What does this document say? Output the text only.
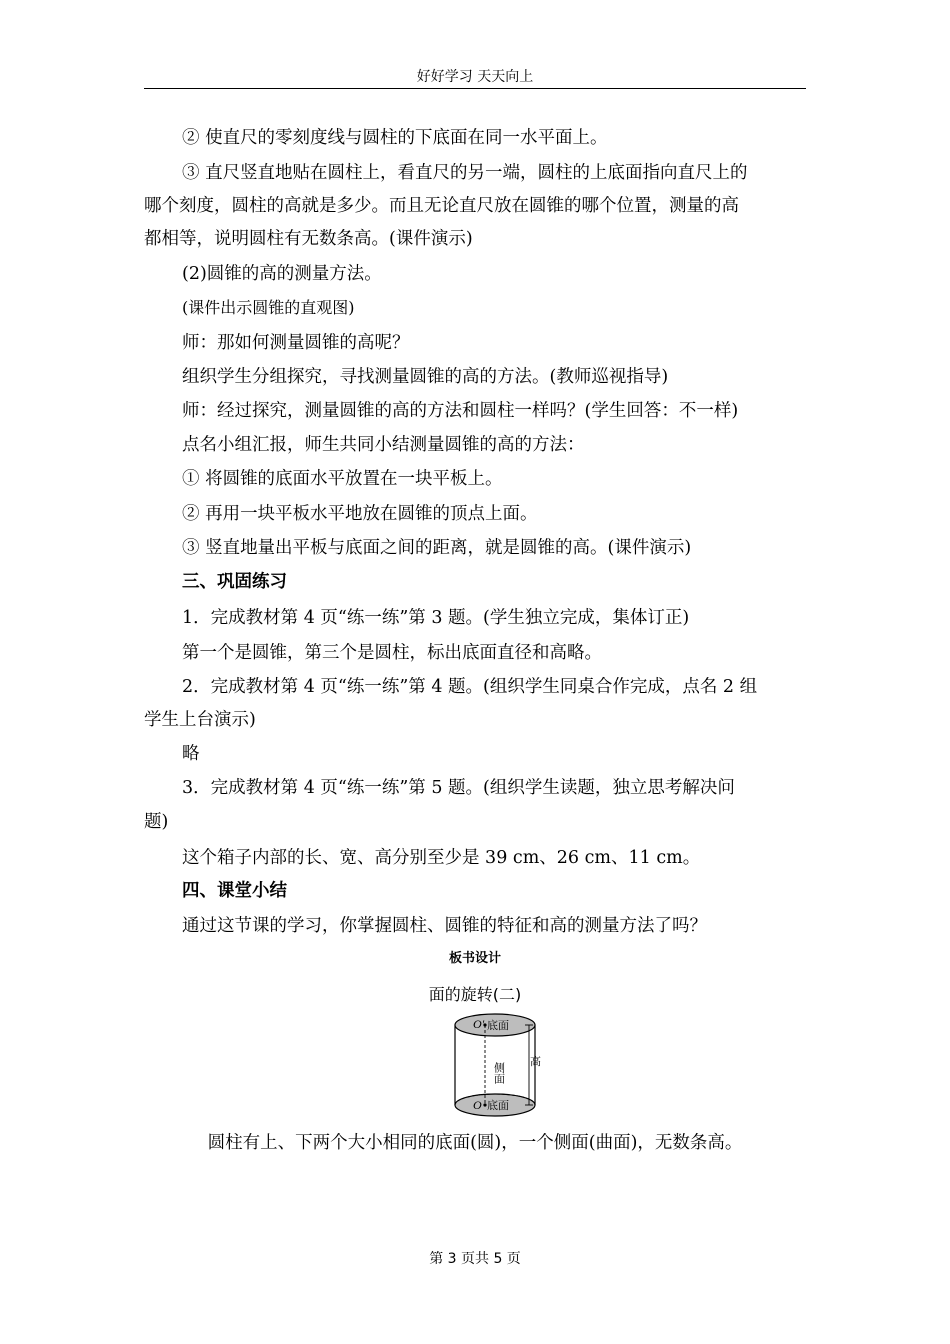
好好学习 天天向上
② 使直尺的零刻度线与圆柱的下底面在同一水平面上。
③ 直尺竖直地贴在圆柱上，看直尺的另一端，圆柱的上底面指向直尺上的
哪个刻度，圆柱的高就是多少。而且无论直尺放在圆锥的哪个位置，测量的高
都相等，说明圆柱有无数条高。(课件演示)
(2)圆锥的高的测量方法。
(课件出示圆锥的直观图)
师：那如何测量圆锥的高呢？
组织学生分组探究，寻找测量圆锥的高的方法。(教师巡视指导)
师：经过探究，测量圆锥的高的方法和圆柱一样吗？(学生回答：不一样)
点名小组汇报，师生共同小结测量圆锥的高的方法：
① 将圆锥的底面水平放置在一块平板上。
② 再用一块平板水平地放在圆锥的顶点上面。
③ 竖直地量出平板与底面之间的距离，就是圆锥的高。(课件演示)
三、巩固练习
1．完成教材第 4 页“练一练”第 3 题。(学生独立完成，集体订正)
第一个是圆锥，第三个是圆柱，标出底面直径和高略。
2．完成教材第 4 页“练一练”第 4 题。(组织学生同桌合作完成，点名 2 组
学生上台演示)
略
3．完成教材第 4 页“练一练”第 5 题。(组织学生读题，独立思考解决问
题)
这个箱子内部的长、宽、高分别至少是 39 cm、26 cm、11 cm。
四、课堂小结
通过这节课的学习，你掌握圆柱、圆锥的特征和高的测量方法了吗？
板书设计
面的旋转(二)
O' 底面
侧面
高
O 底面
圆柱有上、下两个大小相同的底面(圆)，一个侧面(曲面)，无数条高。
第 3 页共 5 页
